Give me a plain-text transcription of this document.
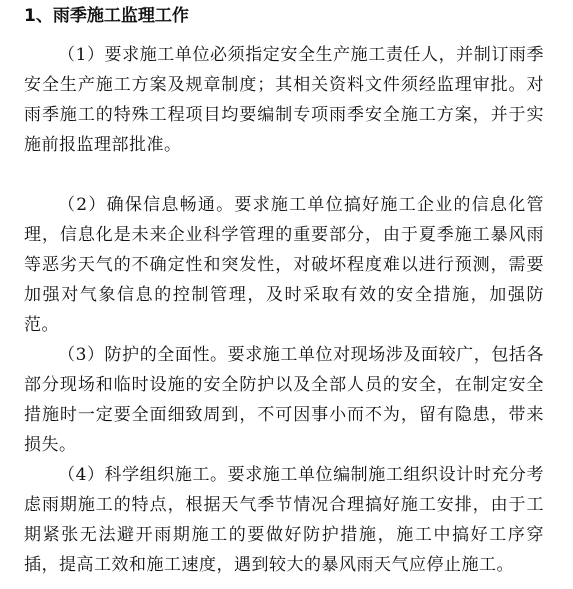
1、雨季施工监理工作

（1）要求施工单位必须指定安全生产施工责任人，并制订雨季安全生产施工方案及规章制度；其相关资料文件须经监理审批。对雨季施工的特殊工程项目均要编制专项雨季安全施工方案，并于实施前报监理部批准。

（2）确保信息畅通。要求施工单位搞好施工企业的信息化管理，信息化是未来企业科学管理的重要部分，由于夏季施工暴风雨等恶劣天气的不确定性和突发性，对破坏程度难以进行预测，需要加强对气象信息的控制管理，及时采取有效的安全措施，加强防范。

（3）防护的全面性。要求施工单位对现场涉及面较广，包括各部分现场和临时设施的安全防护以及全部人员的安全，在制定安全措施时一定要全面细致周到，不可因事小而不为，留有隐患，带来损失。

（4）科学组织施工。要求施工单位编制施工组织设计时充分考虑雨期施工的特点，根据天气季节情况合理搞好施工安排，由于工期紧张无法避开雨期施工的要做好防护措施，施工中搞好工序穿插，提高工效和施工速度，遇到较大的暴风雨天气应停止施工。
